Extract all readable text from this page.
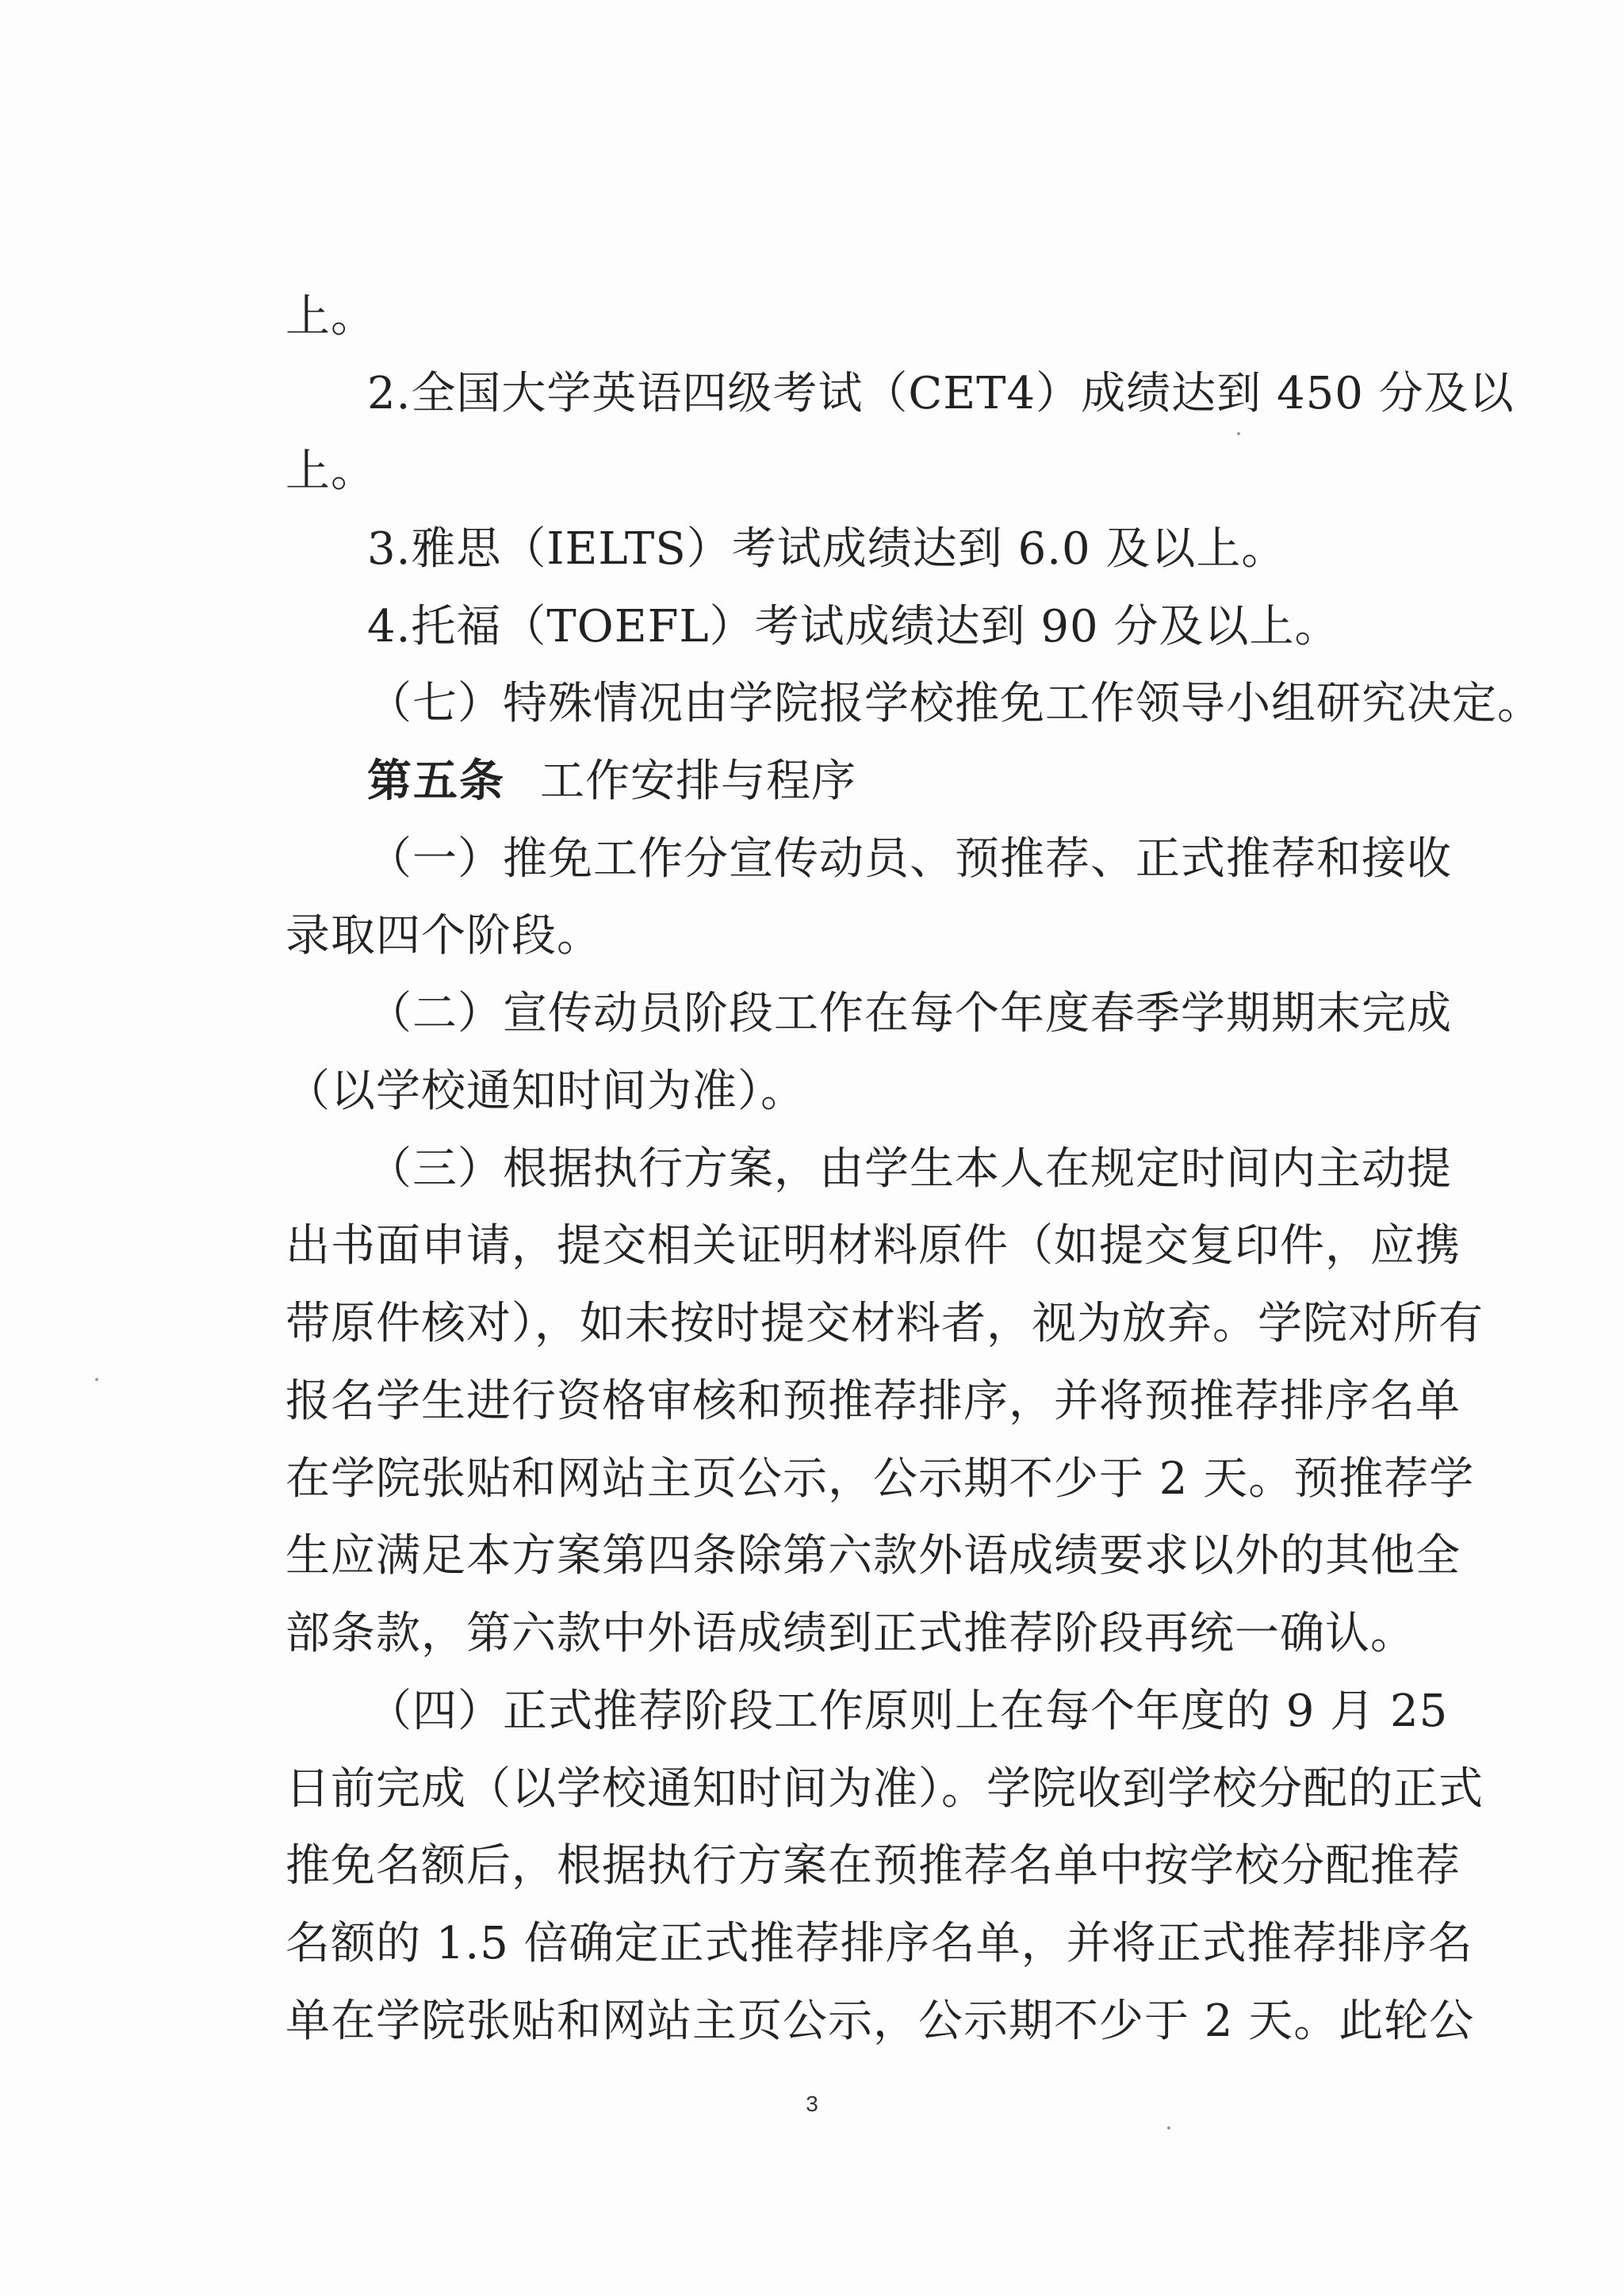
上。
2.全国大学英语四级考试（CET4）成绩达到 450 分及以
上。
3.雅思（IELTS）考试成绩达到 6.0 及以上。
4.托福（TOEFL）考试成绩达到 90 分及以上。
（七）特殊情况由学院报学校推免工作领导小组研究决定。
第五条 工作安排与程序
（一）推免工作分宣传动员、预推荐、正式推荐和接收
录取四个阶段。
（二）宣传动员阶段工作在每个年度春季学期期末完成
（以学校通知时间为准）。
（三）根据执行方案，由学生本人在规定时间内主动提
出书面申请，提交相关证明材料原件（如提交复印件，应携
带原件核对），如未按时提交材料者，视为放弃。学院对所有
报名学生进行资格审核和预推荐排序，并将预推荐排序名单
在学院张贴和网站主页公示，公示期不少于 2 天。预推荐学
生应满足本方案第四条除第六款外语成绩要求以外的其他全
部条款，第六款中外语成绩到正式推荐阶段再统一确认。
（四）正式推荐阶段工作原则上在每个年度的 9 月 25
日前完成（以学校通知时间为准）。学院收到学校分配的正式
推免名额后，根据执行方案在预推荐名单中按学校分配推荐
名额的 1.5 倍确定正式推荐排序名单，并将正式推荐排序名
单在学院张贴和网站主页公示，公示期不少于 2 天。此轮公
3
